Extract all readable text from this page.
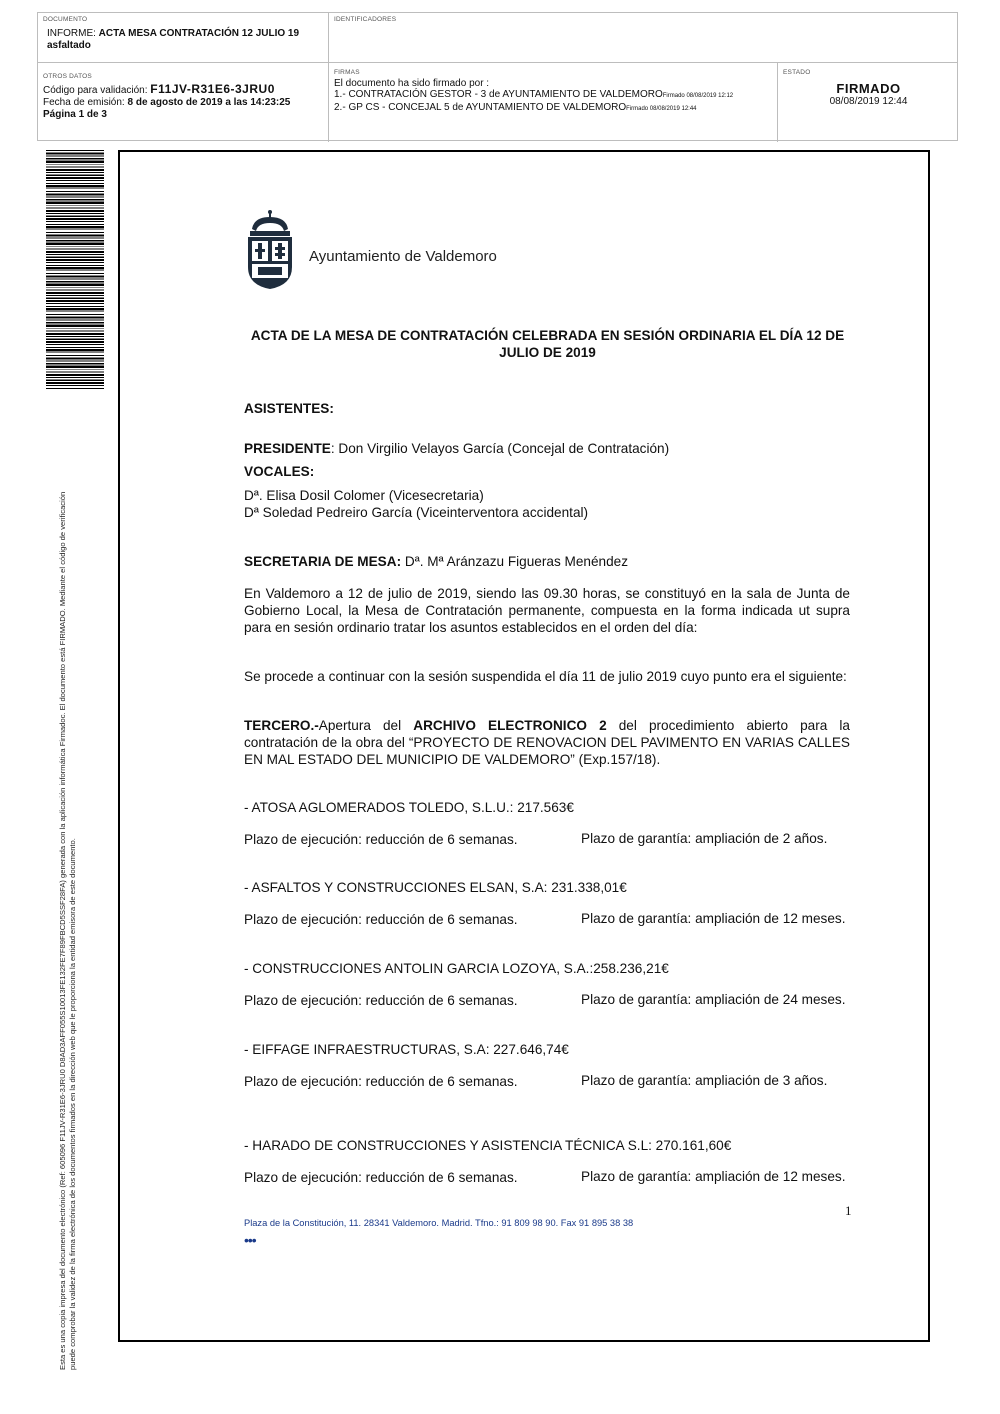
DOCUMENTO
INFORME: ACTA MESA CONTRATACIÓN 12 JULIO 19
asfaltado
IDENTIFICADORES
OTROS DATOS
Código para validación: F11JV-R31E6-3JRU0
Fecha de emisión: 8 de agosto de 2019 a las 14:23:25
Página 1 de 3
FIRMAS
El documento ha sido firmado por :
1.- CONTRATACIÓN GESTOR - 3 de AYUNTAMIENTO DE VALDEMOROFirmado 08/08/2019 12:12
2.- GP CS - CONCEJAL 5 de AYUNTAMIENTO DE VALDEMOROFirmado 08/08/2019 12:44
ESTADO
FIRMADO
08/08/2019 12:44
Esta es una copia impresa del documento electrónico (Ref: 605096 F11JV-R31E6-3JRU0 D8AD3AFF055S10013FE132FE7F89FBCD5SSF28FA) generada con la aplicación informática Firmadoc. El documento está FIRMADO. Mediante el código de verificación puede comprobar la validez de la firma electrónica de los documentos firmados en la dirección web que le proporciona la entidad emisora de este documento.
Ayuntamiento de Valdemoro
ACTA DE LA MESA DE CONTRATACIÓN CELEBRADA EN SESIÓN ORDINARIA EL DÍA 12 DE
JULIO DE 2019
ASISTENTES:
PRESIDENTE: Don Virgilio Velayos García (Concejal de Contratación)
VOCALES:
Dª. Elisa Dosil Colomer (Vicesecretaria)
Dª Soledad Pedreiro García (Viceinterventora accidental)
SECRETARIA DE MESA: Dª. Mª Aránzazu Figueras Menéndez
En Valdemoro a 12 de julio de 2019, siendo las 09.30 horas, se constituyó en la sala de Junta de Gobierno Local, la Mesa de Contratación permanente, compuesta en la forma indicada ut supra para en sesión ordinario tratar los asuntos establecidos en el orden del día:
Se procede a continuar con la sesión suspendida el día 11 de julio 2019 cuyo punto era el siguiente:
TERCERO.-Apertura del ARCHIVO ELECTRONICO 2 del procedimiento abierto para la contratación de la obra del “PROYECTO DE RENOVACION DEL PAVIMENTO EN VARIAS CALLES EN MAL ESTADO DEL MUNICIPIO DE VALDEMORO” (Exp.157/18).
- ATOSA AGLOMERADOS TOLEDO, S.L.U.: 217.563€
Plazo de ejecución: reducción de 6 semanas.	Plazo de garantía: ampliación de 2 años.
- ASFALTOS Y CONSTRUCCIONES ELSAN, S.A: 231.338,01€
Plazo de ejecución: reducción de 6 semanas.	Plazo de garantía: ampliación de 12 meses.
- CONSTRUCCIONES ANTOLIN GARCIA LOZOYA, S.A.:258.236,21€
Plazo de ejecución: reducción de 6 semanas.	Plazo de garantía: ampliación de 24 meses.
- EIFFAGE INFRAESTRUCTURAS, S.A: 227.646,74€
Plazo de ejecución: reducción de 6 semanas.	Plazo de garantía: ampliación de 3 años.
- HARADO DE CONSTRUCCIONES Y ASISTENCIA TÉCNICA S.L: 270.161,60€
Plazo de ejecución: reducción de 6 semanas.	Plazo de garantía: ampliación de 12 meses.
1
Plaza de la Constitución, 11. 28341 Valdemoro. Madrid. Tfno.: 91 809 98 90. Fax 91 895 38 38
•••
